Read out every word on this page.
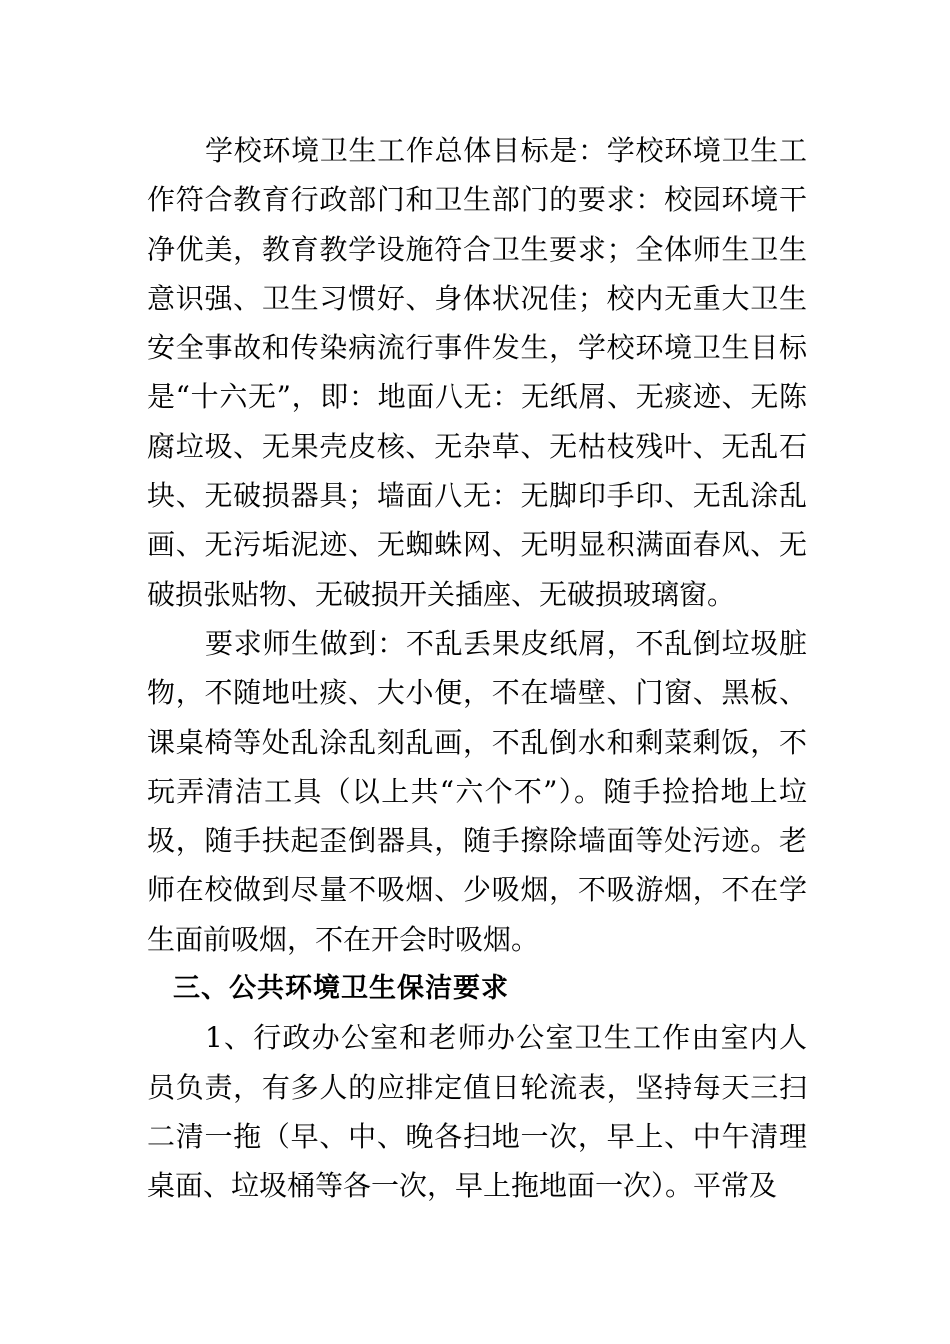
学校环境卫生工作总体目标是：学校环境卫生工作符合教育行政部门和卫生部门的要求：校园环境干净优美，教育教学设施符合卫生要求；全体师生卫生意识强、卫生习惯好、身体状况佳；校内无重大卫生安全事故和传染病流行事件发生，学校环境卫生目标是“十六无”，即：地面八无：无纸屑、无痰迹、无陈腐垃圾、无果壳皮核、无杂草、无枯枝残叶、无乱石块、无破损器具；墙面八无：无脚印手印、无乱涂乱画、无污垢泥迹、无蜘蛛网、无明显积满面春风、无破损张贴物、无破损开关插座、无破损玻璃窗。

要求师生做到：不乱丢果皮纸屑，不乱倒垃圾脏物，不随地吐痰、大小便，不在墙壁、门窗、黑板、课桌椅等处乱涂乱刻乱画，不乱倒水和剩菜剩饭，不玩弄清洁工具（以上共“六个不”）。随手捡拾地上垃圾，随手扶起歪倒器具，随手擦除墙面等处污迹。老师在校做到尽量不吸烟、少吸烟，不吸游烟，不在学生面前吸烟，不在开会时吸烟。

三、公共环境卫生保洁要求

1、行政办公室和老师办公室卫生工作由室内人员负责，有多人的应排定值日轮流表，坚持每天三扫二清一拖（早、中、晚各扫地一次，早上、中午清理桌面、垃圾桶等各一次，早上拖地面一次）。平常及
